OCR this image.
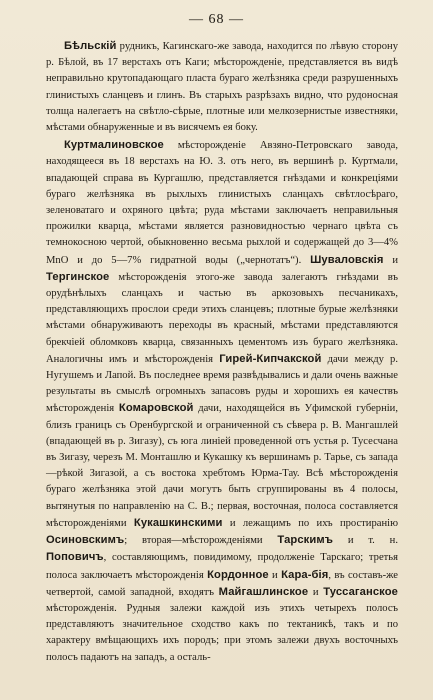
— 68 —

Бѣльскій рудникъ, Кагинскаго-же завода, находится по лѣвую сторону р. Бѣлой, въ 17 верстахъ отъ Каги; мѣсторожденіе, представляется въ видѣ неправильно крутопадающаго пласта бураго желѣзняка среди разрушенныхъ глинистыхъ сланцевъ и глинъ. Въ старыхъ разрѣзахъ видно, что рудоносная толща налегаетъ на свѣтло-сѣрые, плотные или мелкозернистые известняки, мѣстами обнаруженные и въ висячемъ ея боку.

Куртмалиновское мѣсторожденіе Авзяно-Петровскаго завода, находящееся въ 18 верстахъ на Ю. З. отъ него, въ вершинѣ р. Куртмали, впадающей справа въ Кургашлю, представляется гнѣздами и конкреціями бураго желѣзняка въ рыхлыхъ глинистыхъ сланцахъ свѣтлосѣраго, зеленоватаго и охряного цвѣта; руда мѣстами заключаетъ неправильныя прожилки кварца, мѣстами является разновидностью чернаго цвѣта съ темнокосною чертой, обыкновенно весьма рыхлой и содержащей до 3—4% MnO и до 5—7% гидратной воды („чернотатъ“). Шуваловскія и Тергинское мѣсторожденія этого-же завода залегаютъ гнѣздами въ орудѣнѣлыхъ сланцахъ и частью въ аркозовыхъ песчаникахъ, представляющихъ прослои среди этихъ сланцевъ; плотные бурые желѣзняки мѣстами обнаруживаютъ переходы въ красный, мѣстами представляются брекчіей обломковъ кварца, связанныхъ цементомъ изъ бураго желѣзняка. Аналогичны имъ и мѣсторожденія Гирей-Кипчакской дачи между р. Нугушемъ и Лапой. Въ последнее время развѣдывались и дали очень важные результаты въ смыслѣ огромныхъ запасовъ руды и хорошихъ ея качествъ мѣсторожденія Комаровской дачи, находящейся въ Уфимской губерніи, близъ границъ съ Оренбургской и ограниченной съ сѣвера р. В. Мангашлей (впадающей въ р. Зигазу), съ юга линіей проведенной отъ устья р. Тусесчана въ Зигазу, черезъ М. Монташлю и Кукашку къ вершинамъ р. Тарье, съ запада—рѣкой Зигазой, а съ востока хребтомъ Юрма-Тау. Всѣ мѣсторожденія бураго желѣзняка этой дачи могутъ быть сгруппированы въ 4 полосы, вытянутыя по направленію на С. В.; первая, восточная, полоса составляется мѣсторожденіями Кукашкинскими и лежащимъ по ихъ простиранію Осиновскимъ; вторая—мѣсторожденіями Тарскимъ и т. н. Поповичъ, составляющимъ, повидимому, продолженіе Тарскаго; третья полоса заключаетъ мѣсторожденія Кордонное и Кара-бія, въ составъ-же четвертой, самой западной, входятъ Майгашлинское и Туссаганское мѣсторожденія. Рудныя залежи каждой изъ этихъ четырехъ полосъ представляютъ значительное сходство какъ по тектаникѣ, такъ и по характеру вмѣщающихъ ихъ породъ; при этомъ залежи двухъ восточныхъ полосъ падаютъ на западъ, а осталь-
